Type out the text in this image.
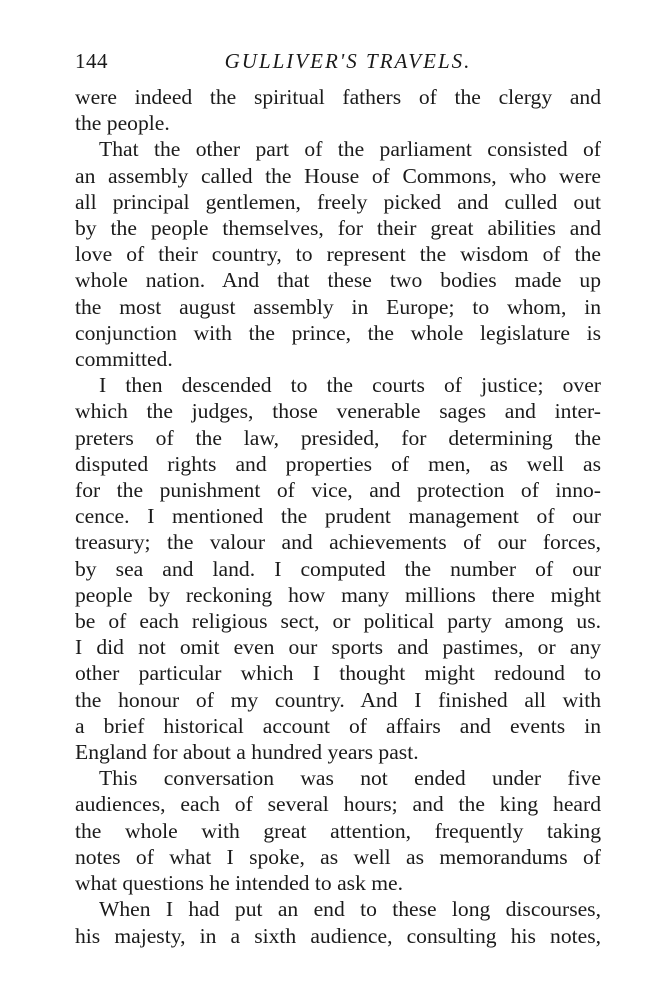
144	GULLIVER'S TRAVELS.
were indeed the spiritual fathers of the clergy and
the people.
That the other part of the parliament consisted of
an assembly called the House of Commons, who were
all principal gentlemen, freely picked and culled out
by the people themselves, for their great abilities and
love of their country, to represent the wisdom of the
whole nation. And that these two bodies made up
the most august assembly in Europe; to whom, in
conjunction with the prince, the whole legislature is
committed.
I then descended to the courts of justice; over
which the judges, those venerable sages and inter-
preters of the law, presided, for determining the
disputed rights and properties of men, as well as
for the punishment of vice, and protection of inno-
cence. I mentioned the prudent management of our
treasury; the valour and achievements of our forces,
by sea and land. I computed the number of our
people by reckoning how many millions there might
be of each religious sect, or political party among us.
I did not omit even our sports and pastimes, or any
other particular which I thought might redound to
the honour of my country. And I finished all with
a brief historical account of affairs and events in
England for about a hundred years past.
This conversation was not ended under five
audiences, each of several hours; and the king heard
the whole with great attention, frequently taking
notes of what I spoke, as well as memorandums of
what questions he intended to ask me.
When I had put an end to these long discourses,
his majesty, in a sixth audience, consulting his notes,
